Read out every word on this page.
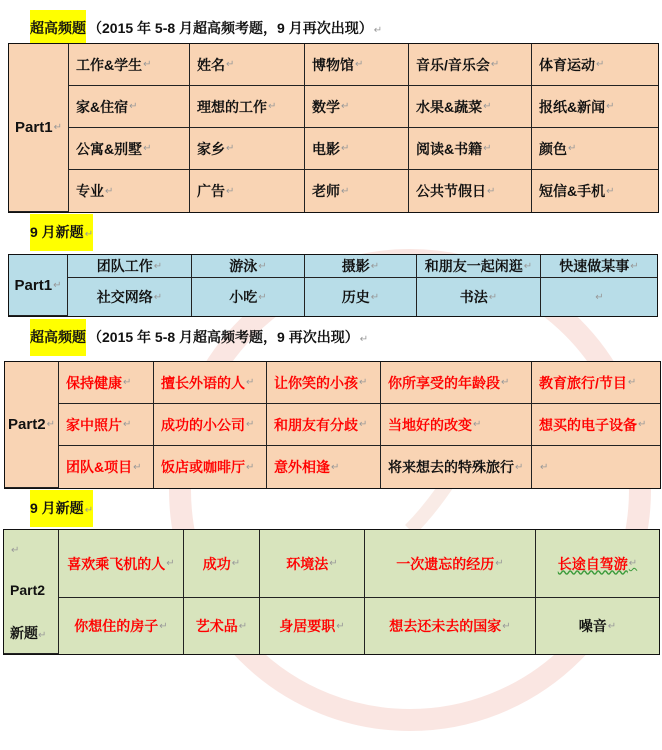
超高频题 （2015 年 5-8 月超高频考题，9 月再次出现） ↵
Part1 ↵
工作&学生 ↵	姓名 ↵	博物馆 ↵	音乐/音乐会 ↵	体育运动 ↵
家&住宿 ↵	理想的工作 ↵	数学 ↵	水果&蔬菜 ↵	报纸&新闻 ↵
公寓&别墅 ↵	家乡 ↵	电影 ↵	阅读&书籍 ↵	颜色 ↵
专业 ↵	广告 ↵	老师 ↵	公共节假日 ↵	短信&手机 ↵
9 月新题 ↵
Part1 ↵
团队工作 ↵	游泳 ↵	摄影 ↵	和朋友一起闲逛 ↵	快速做某事 ↵
社交网络 ↵	小吃 ↵	历史 ↵	书法 ↵
↵
超高频题 （2015 年 5-8 月超高频考题，9 再次出现） ↵
Part2 ↵
保持健康 ↵	擅长外语的人 ↵	让你笑的小孩 ↵	你所享受的年龄段 ↵	教育旅行/节目 ↵
家中照片 ↵	成功的小公司 ↵	和朋友有分歧 ↵	当地好的改变 ↵	想买的电子设备 ↵
团队&项目 ↵	饭店或咖啡厅 ↵	意外相逢 ↵	将来想去的特殊旅行 ↵
↵
9 月新题 ↵
↵
Part2
新题 ↵
喜欢乘飞机的人 ↵	成功 ↵	环境法 ↵	一次遗忘的经历 ↵	长途自驾游 ↵
你想住的房子 ↵	艺术品 ↵	身居要职 ↵	想去还未去的国家 ↵	噪音 ↵
